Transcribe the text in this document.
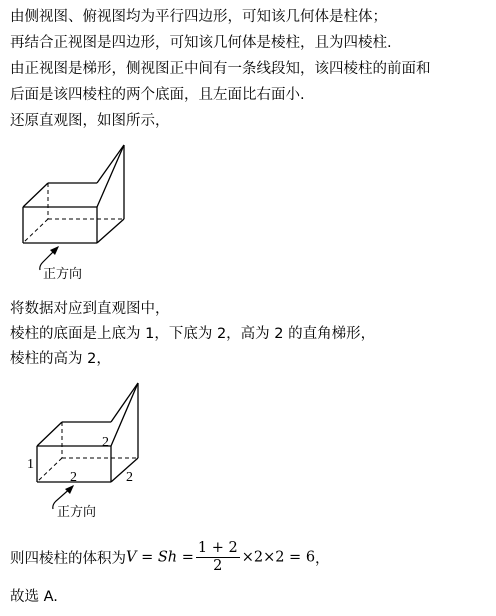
由侧视图、俯视图均为平行四边形，可知该几何体是柱体；
再结合正视图是四边形，可知该几何体是棱柱，且为四棱柱.
由正视图是梯形，侧视图正中间有一条线段知，该四棱柱的前面和
后面是该四棱柱的两个底面，且左面比右面小.
还原直观图，如图所示，
正方向
将数据对应到直观图中，
棱柱的底面是上底为 1，下底为 2，高为 2 的直角梯形，
棱柱的高为 2，
2
1
2	2
正方向
则四棱柱的体积为$V = Sh = \frac{1 + 2}{2} \times 2\times 2 = 6$，
故选 A.
